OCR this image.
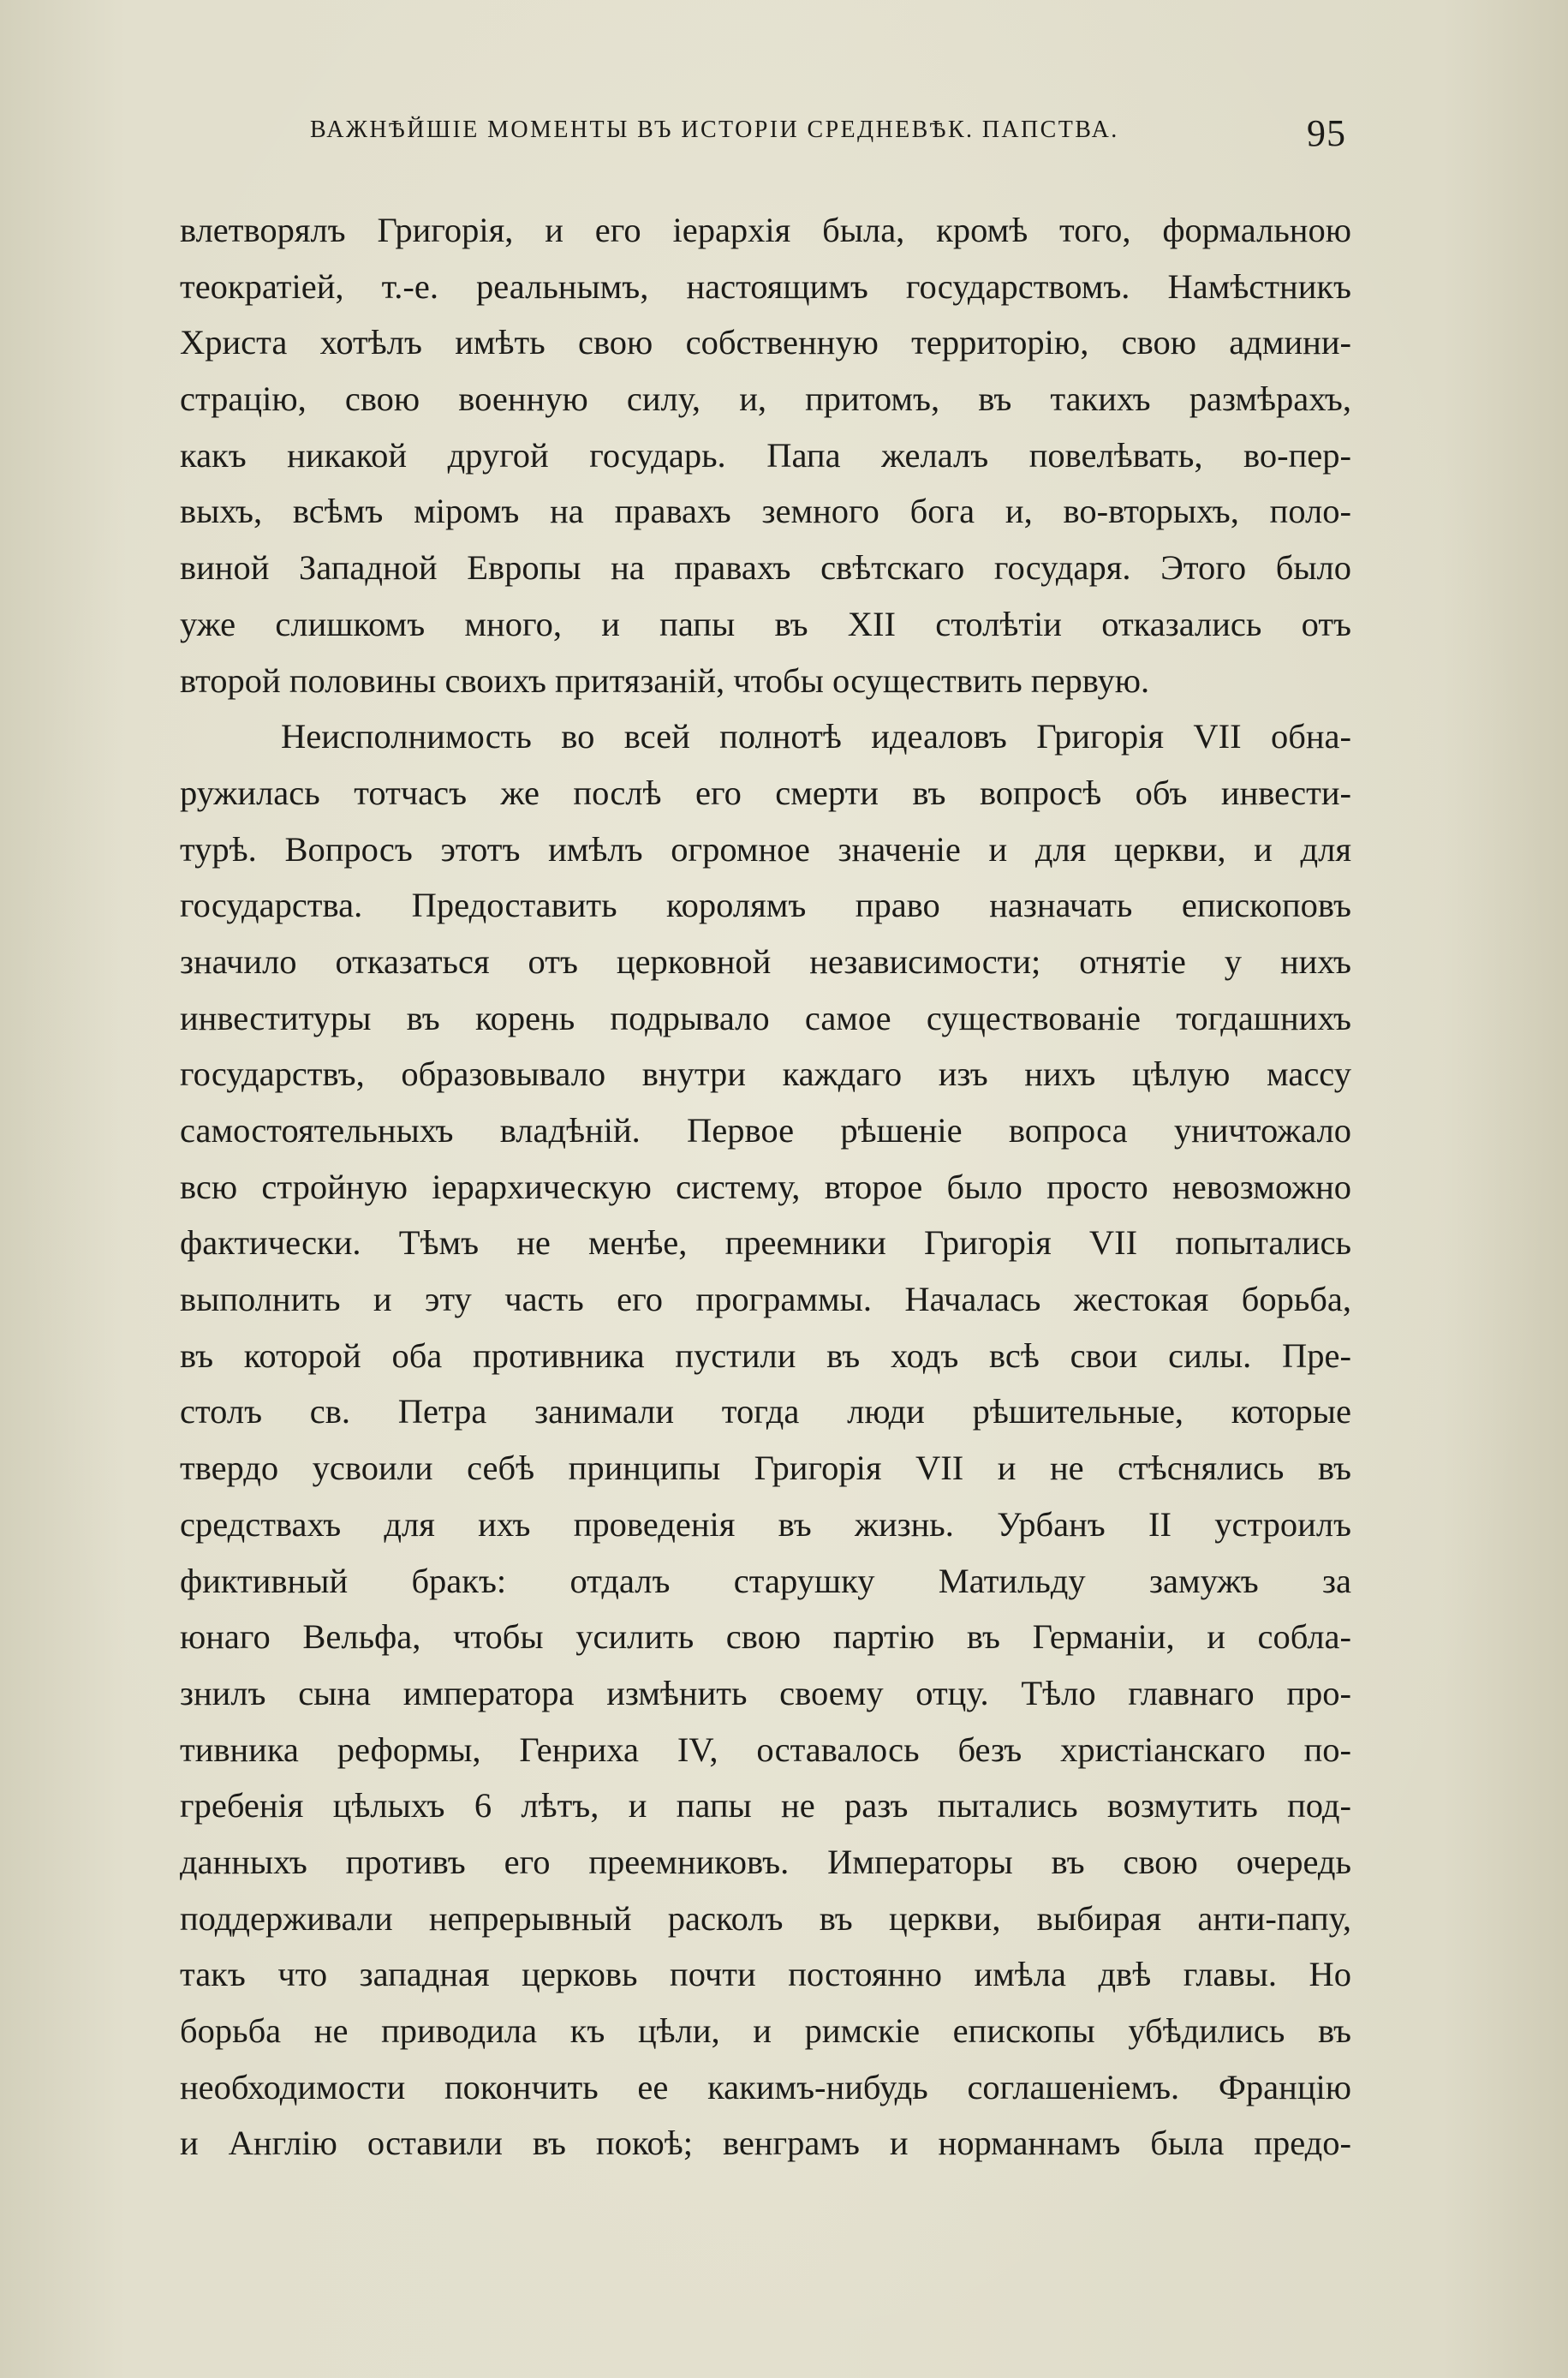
ВАЖНѢЙШІЕ МОМЕНТЫ ВЪ ИСТОРІИ СРЕДНЕВѢК. ПАПСТВА.	95
влетворялъ Григорія, и его іерархія была, кромѣ того, формальною
теократіей, т.-е. реальнымъ, настоящимъ государствомъ. Намѣстникъ
Христа хотѣлъ имѣть свою собственную территорію, свою админи-
страцію, свою военную силу, и, притомъ, въ такихъ размѣрахъ,
какъ никакой другой государь. Папа желалъ повелѣвать, во-пер-
выхъ, всѣмъ міромъ на правахъ земного бога и, во-вторыхъ, поло-
виной Западной Европы на правахъ свѣтскаго государя. Этого было
уже слишкомъ много, и папы въ XII столѣтіи отказались отъ
второй половины своихъ притязаній, чтобы осуществить первую.
Неисполнимость во всей полнотѣ идеаловъ Григорія VII обна-
ружилась тотчасъ же послѣ его смерти въ вопросѣ объ инвести-
турѣ. Вопросъ этотъ имѣлъ огромное значеніе и для церкви, и для
государства. Предоставить королямъ право назначать епископовъ
значило отказаться отъ церковной независимости; отнятіе у нихъ
инвеституры въ корень подрывало самое существованіе тогдашнихъ
государствъ, образовывало внутри каждаго изъ нихъ цѣлую массу
самостоятельныхъ владѣній. Первое рѣшеніе вопроса уничтожало
всю стройную іерархическую систему, второе было просто невозможно
фактически. Тѣмъ не менѣе, преемники Григорія VII попытались
выполнить и эту часть его программы. Началась жестокая борьба,
въ которой оба противника пустили въ ходъ всѣ свои силы. Пре-
столъ св. Петра занимали тогда люди рѣшительные, которые
твердо усвоили себѣ принципы Григорія VII и не стѣснялись въ
средствахъ для ихъ проведенія въ жизнь. Урбанъ II устроилъ
фиктивный бракъ: отдалъ старушку Матильду замужъ за
юнаго Вельфа, чтобы усилить свою партію въ Германіи, и собла-
знилъ сына императора измѣнить своему отцу. Тѣло главнаго про-
тивника реформы, Генриха IV, оставалось безъ христіанскаго по-
гребенія цѣлыхъ 6 лѣтъ, и папы не разъ пытались возмутить под-
данныхъ противъ его преемниковъ. Императоры въ свою очередь
поддерживали непрерывный расколъ въ церкви, выбирая анти-папу,
такъ что западная церковь почти постоянно имѣла двѣ главы. Но
борьба не приводила къ цѣли, и римскіе епископы убѣдились въ
необходимости покончить ее какимъ-нибудь соглашеніемъ. Францію
и Англію оставили въ покоѣ; венграмъ и норманнамъ была предо-
